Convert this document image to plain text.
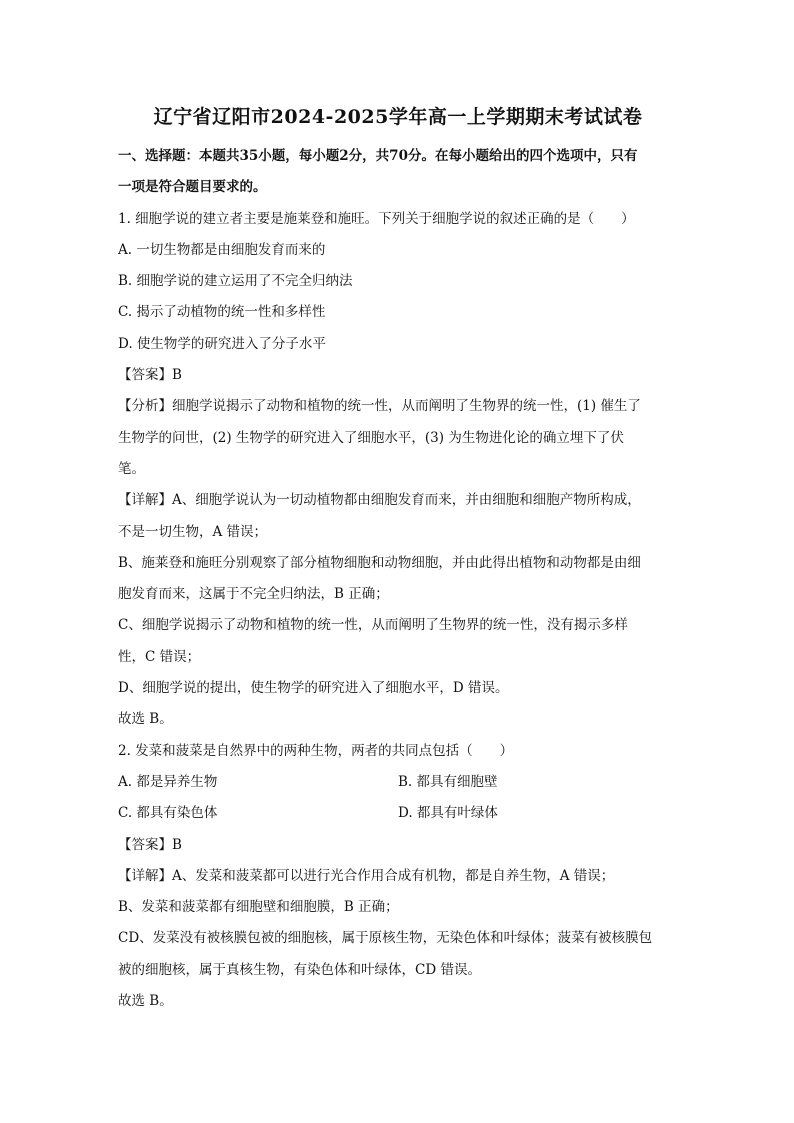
辽宁省辽阳市2024-2025学年高一上学期期末考试试卷
一、选择题：本题共35小题，每小题2分，共70分。在每小题给出的四个选项中，只有
一项是符合题目要求的。
1. 细胞学说的建立者主要是施莱登和施旺。下列关于细胞学说的叙述正确的是（　　）
A. 一切生物都是由细胞发育而来的
B. 细胞学说的建立运用了不完全归纳法
C. 揭示了动植物的统一性和多样性
D. 使生物学的研究进入了分子水平
【答案】B
【分析】细胞学说揭示了动物和植物的统一性，从而阐明了生物界的统一性，(1) 催生了
生物学的问世，(2) 生物学的研究进入了细胞水平，(3) 为生物进化论的确立埋下了伏
笔。
【详解】A、细胞学说认为一切动植物都由细胞发育而来，并由细胞和细胞产物所构成，
不是一切生物，A 错误；
B、施莱登和施旺分别观察了部分植物细胞和动物细胞，并由此得出植物和动物都是由细
胞发育而来，这属于不完全归纳法，B 正确；
C、细胞学说揭示了动物和植物的统一性，从而阐明了生物界的统一性，没有揭示多样
性，C 错误；
D、细胞学说的提出，使生物学的研究进入了细胞水平，D 错误。
故选 B。
2. 发菜和菠菜是自然界中的两种生物，两者的共同点包括（　　）
A. 都是异养生物	B. 都具有细胞壁
C. 都具有染色体	D. 都具有叶绿体
【答案】B
【详解】A、发菜和菠菜都可以进行光合作用合成有机物，都是自养生物，A 错误；
B、发菜和菠菜都有细胞壁和细胞膜，B 正确；
CD、发菜没有被核膜包被的细胞核，属于原核生物，无染色体和叶绿体；菠菜有被核膜包
被的细胞核，属于真核生物，有染色体和叶绿体，CD 错误。
故选 B。
